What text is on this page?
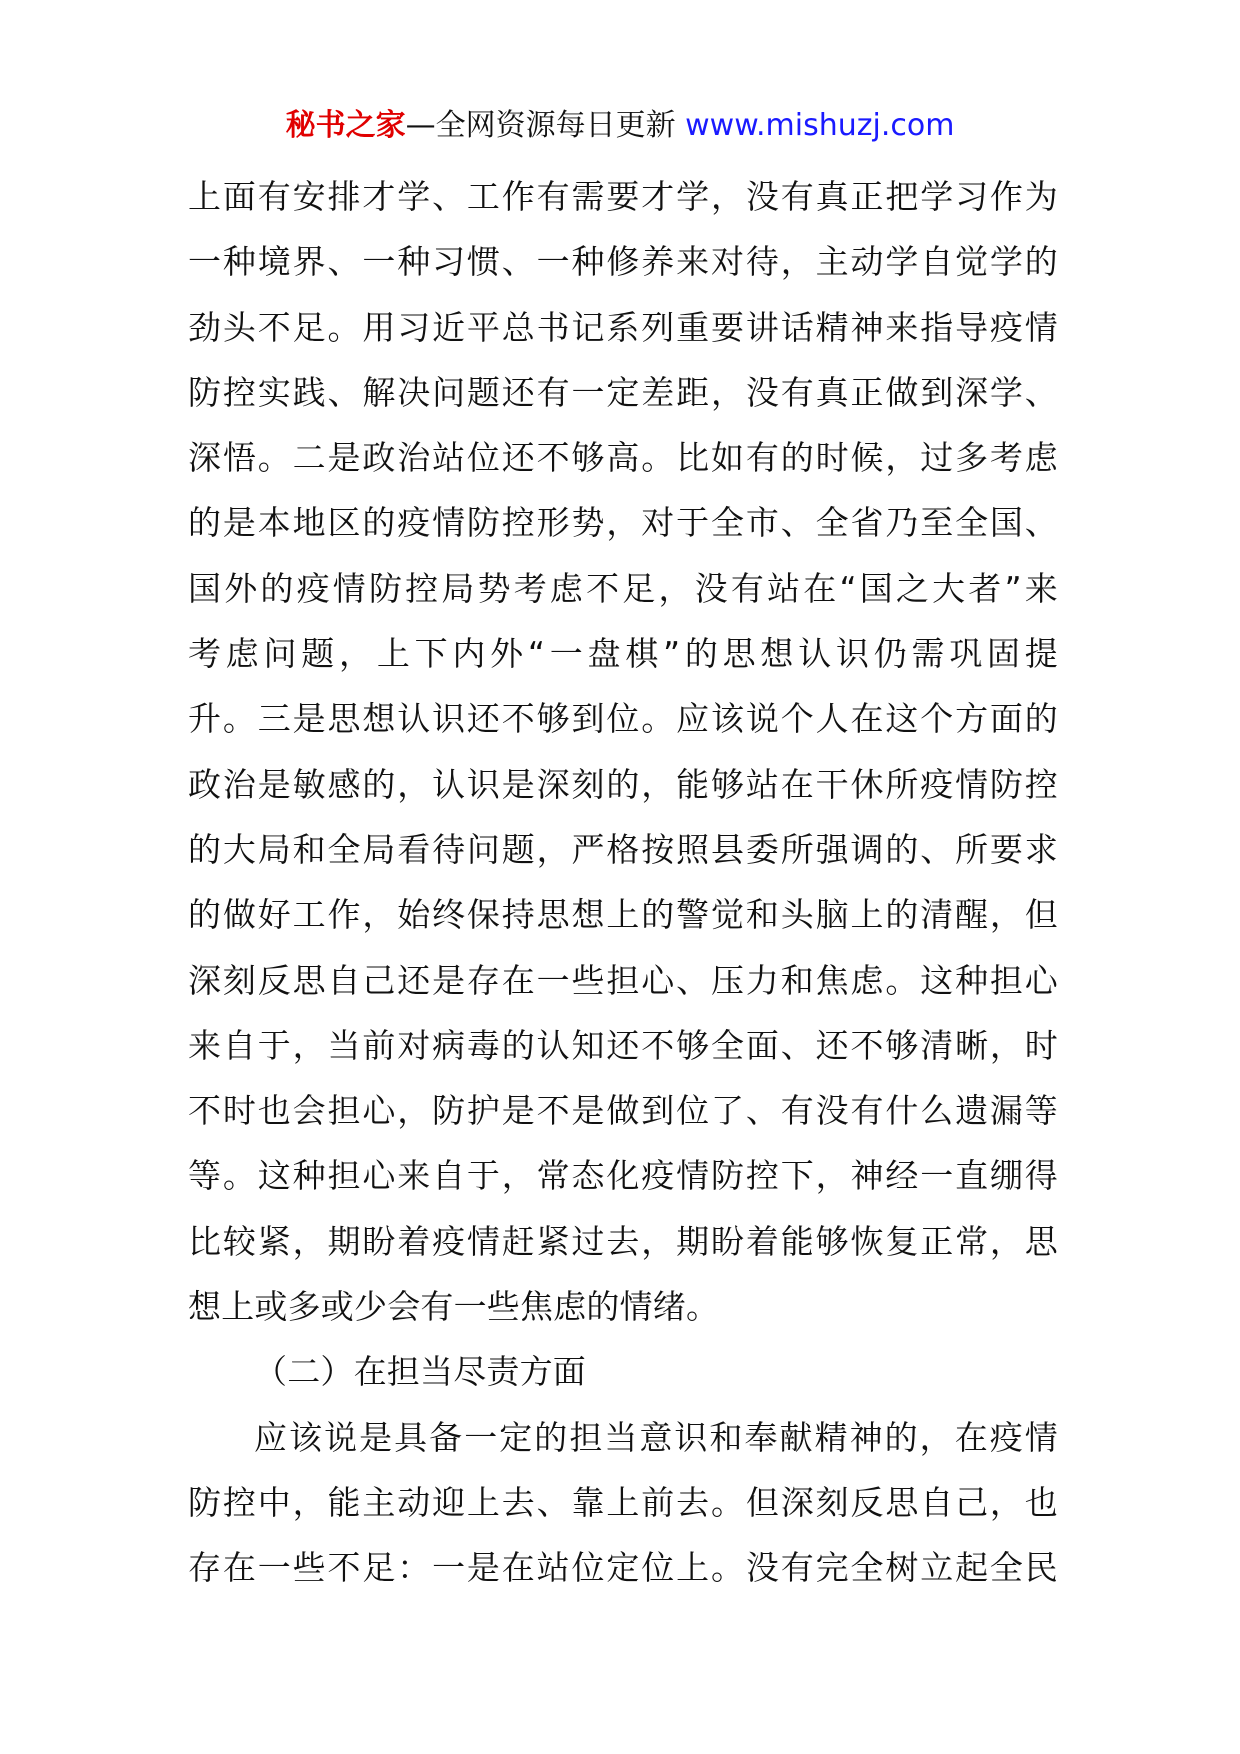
秘书之家—全网资源每日更新 www.mishuzj.com
上面有安排才学、工作有需要才学，没有真正把学习作为
一种境界、一种习惯、一种修养来对待，主动学自觉学的
劲头不足。用习近平总书记系列重要讲话精神来指导疫情
防控实践、解决问题还有一定差距，没有真正做到深学、
深悟。二是政治站位还不够高。比如有的时候，过多考虑
的是本地区的疫情防控形势，对于全市、全省乃至全国、
国外的疫情防控局势考虑不足，没有站在“国之大者”来
考虑问题，上下内外“一盘棋”的思想认识仍需巩固提
升。三是思想认识还不够到位。应该说个人在这个方面的
政治是敏感的，认识是深刻的，能够站在干休所疫情防控
的大局和全局看待问题，严格按照县委所强调的、所要求
的做好工作，始终保持思想上的警觉和头脑上的清醒，但
深刻反思自己还是存在一些担心、压力和焦虑。这种担心
来自于，当前对病毒的认知还不够全面、还不够清晰，时
不时也会担心，防护是不是做到位了、有没有什么遗漏等
等。这种担心来自于，常态化疫情防控下，神经一直绷得
比较紧，期盼着疫情赶紧过去，期盼着能够恢复正常，思
想上或多或少会有一些焦虑的情绪。
（二）在担当尽责方面
应该说是具备一定的担当意识和奉献精神的，在疫情
防控中，能主动迎上去、靠上前去。但深刻反思自己，也
存在一些不足：一是在站位定位上。没有完全树立起全民
